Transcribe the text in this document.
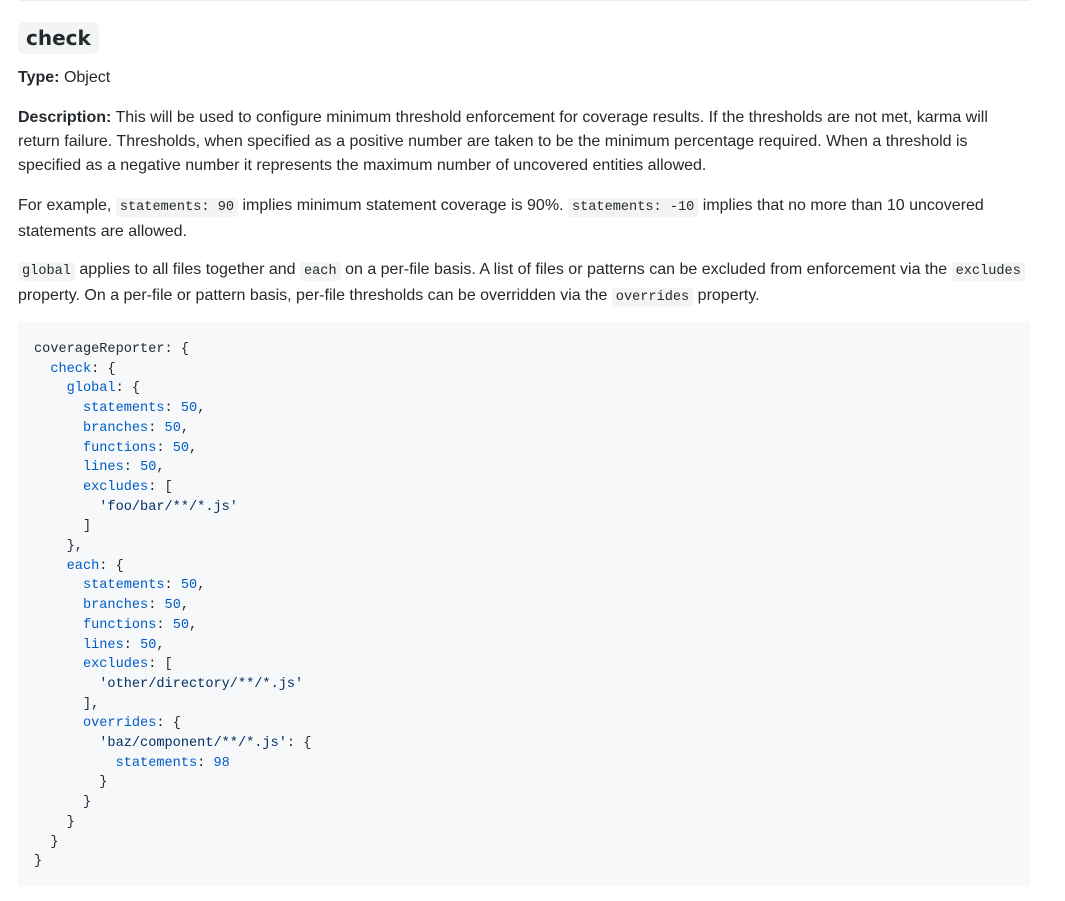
check

Type: Object

Description: This will be used to configure minimum threshold enforcement for coverage results. If the thresholds are not met, karma will return failure. Thresholds, when specified as a positive number are taken to be the minimum percentage required. When a threshold is specified as a negative number it represents the maximum number of uncovered entities allowed.

For example, statements: 90 implies minimum statement coverage is 90%. statements: -10 implies that no more than 10 uncovered statements are allowed.

global applies to all files together and each on a per-file basis. A list of files or patterns can be excluded from enforcement via the excludes property. On a per-file or pattern basis, per-file thresholds can be overridden via the overrides property.

coverageReporter: {
check: {
global: {
statements: 50,
branches: 50,
functions: 50,
lines: 50,
excludes: [
'foo/bar/**/*.js'
]
},
each: {
statements: 50,
branches: 50,
functions: 50,
lines: 50,
excludes: [
'other/directory/**/*.js'
],
overrides: {
'baz/component/**/*.js': {
statements: 98
}
}
}
}
}
